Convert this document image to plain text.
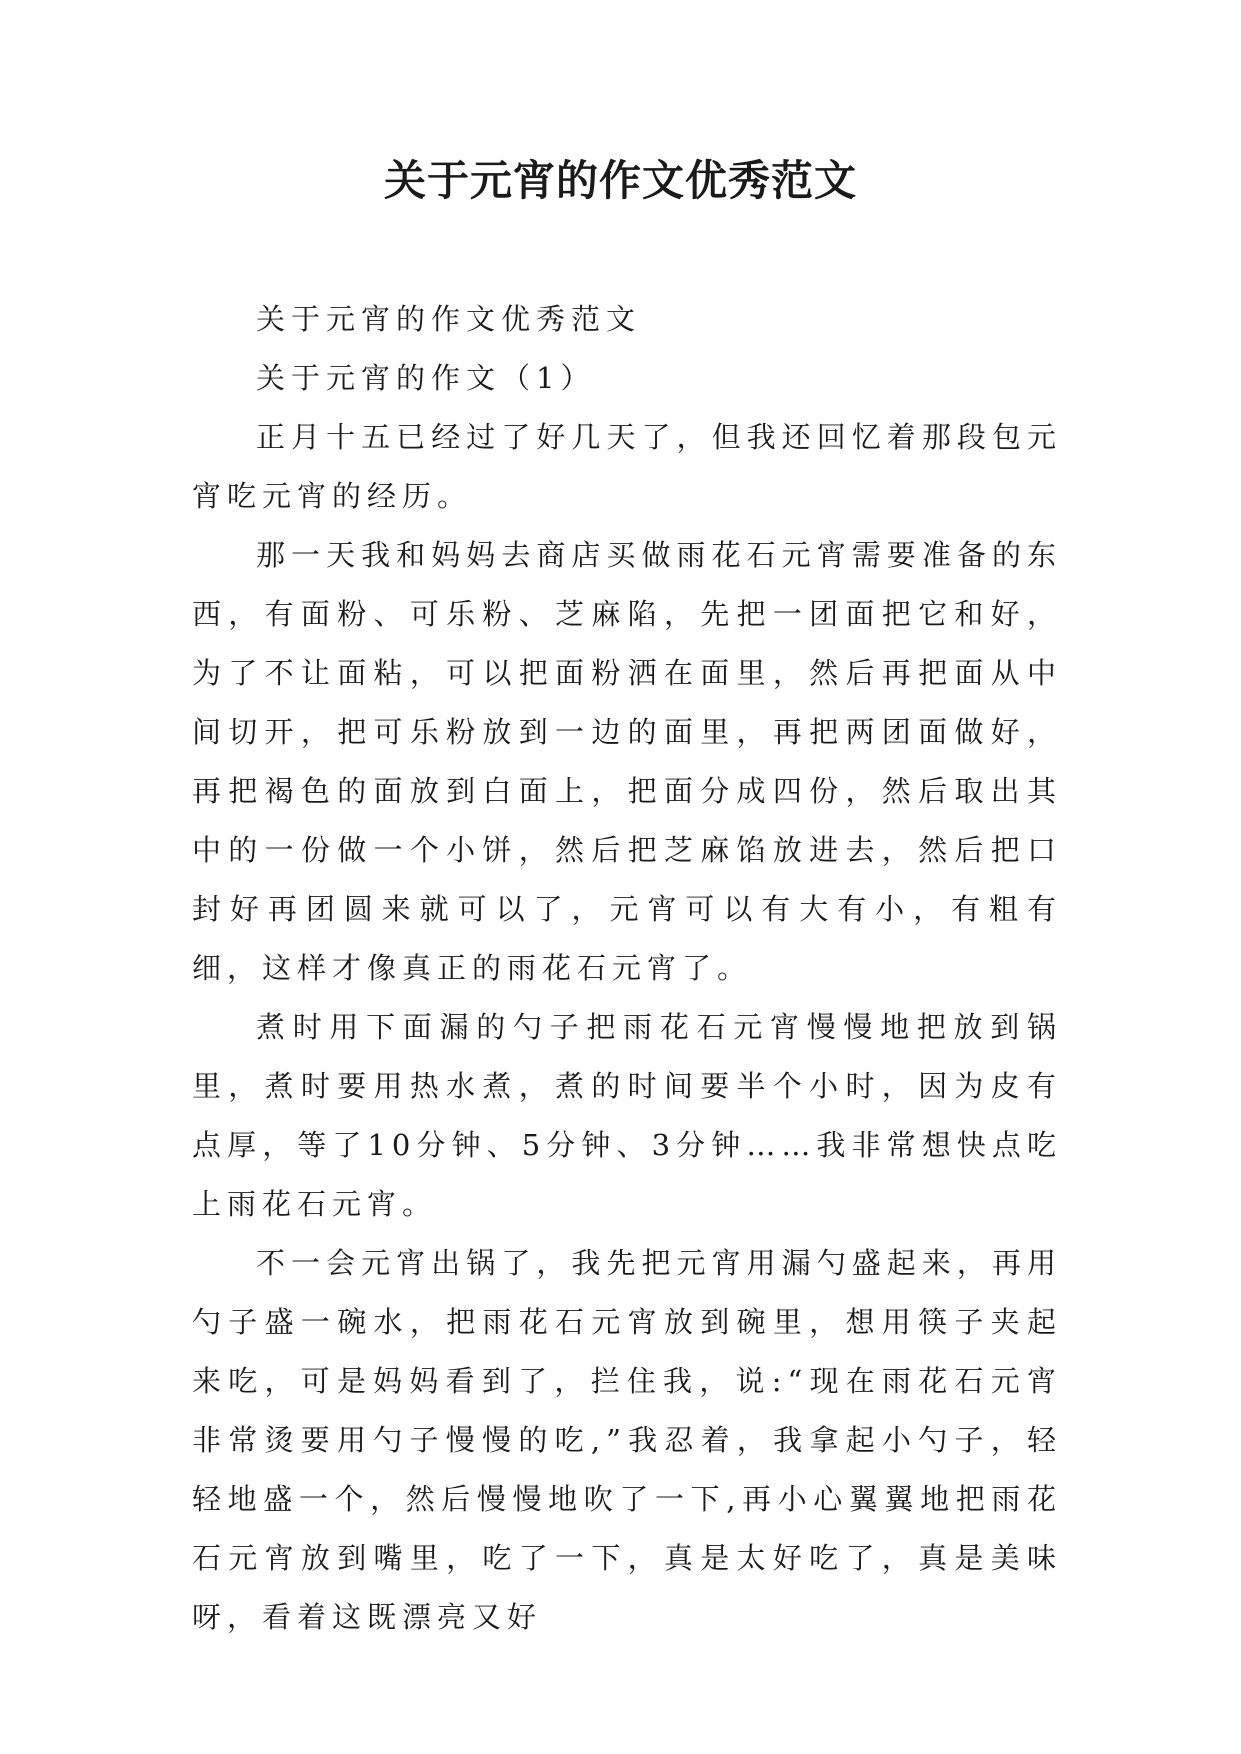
关于元宵的作文优秀范文

关于元宵的作文优秀范文

关于元宵的作文（1）

正月十五已经过了好几天了，但我还回忆着那段包元宵吃元宵的经历。

那一天我和妈妈去商店买做雨花石元宵需要准备的东西，有面粉、可乐粉、芝麻陷，先把一团面把它和好，为了不让面粘，可以把面粉洒在面里，然后再把面从中间切开，把可乐粉放到一边的面里，再把两团面做好，再把褐色的面放到白面上，把面分成四份，然后取出其中的一份做一个小饼，然后把芝麻馅放进去，然后把口封好再团圆来就可以了，元宵可以有大有小，有粗有细，这样才像真正的雨花石元宵了。

煮时用下面漏的勺子把雨花石元宵慢慢地把放到锅里，煮时要用热水煮，煮的时间要半个小时，因为皮有点厚，等了10分钟、5分钟、3分钟……我非常想快点吃上雨花石元宵。

不一会元宵出锅了，我先把元宵用漏勺盛起来，再用勺子盛一碗水，把雨花石元宵放到碗里，想用筷子夹起来吃，可是妈妈看到了，拦住我，说:“现在雨花石元宵非常烫要用勺子慢慢的吃,”我忍着，我拿起小勺子，轻轻地盛一个，然后慢慢地吹了一下,再小心翼翼地把雨花石元宵放到嘴里，吃了一下，真是太好吃了，真是美味呀，看着这既漂亮又好
